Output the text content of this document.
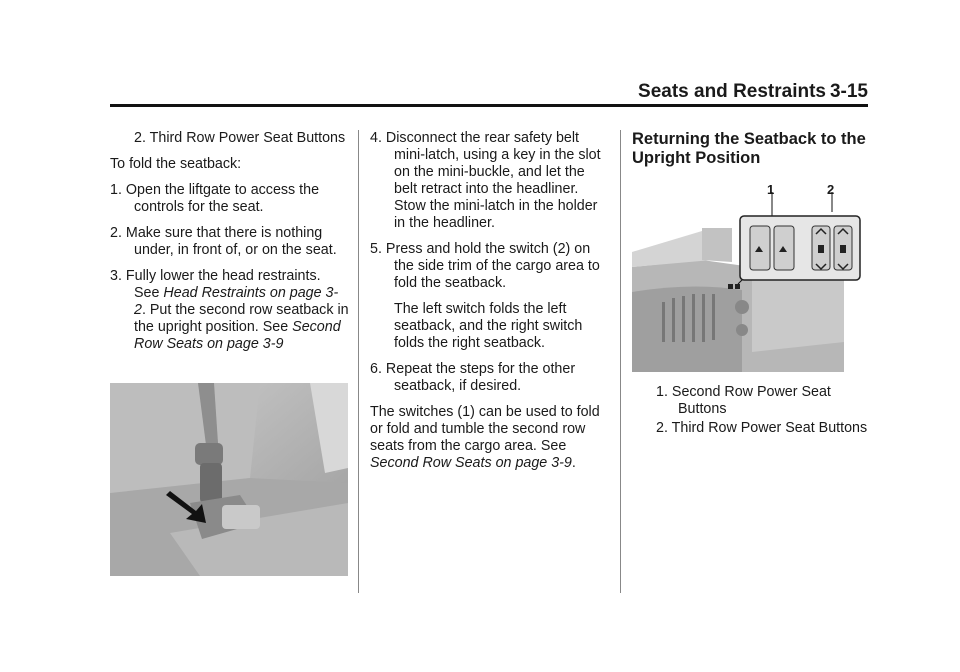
Seats and Restraints 3-15
2. Third Row Power Seat Buttons

To fold the seatback:

1. Open the liftgate to access the controls for the seat.
2. Make sure that there is nothing under, in front of, or on the seat.
3. Fully lower the head restraints. See Head Restraints on page 3-2. Put the second row seatback in the upright position. See Second Row Seats on page 3-9
4. Disconnect the rear safety belt mini-latch, using a key in the slot on the mini-buckle, and let the belt retract into the headliner. Stow the mini-latch in the holder in the headliner.
5. Press and hold the switch (2) on the side trim of the cargo area to fold the seatback.

The left switch folds the left seatback, and the right switch folds the right seatback.

6. Repeat the steps for the other seatback, if desired.

The switches (1) can be used to fold or fold and tumble the second row seats from the cargo area. See Second Row Seats on page 3-9.

Returning the Seatback to the Upright Position
1	2
1. Second Row Power Seat Buttons
2. Third Row Power Seat Buttons
